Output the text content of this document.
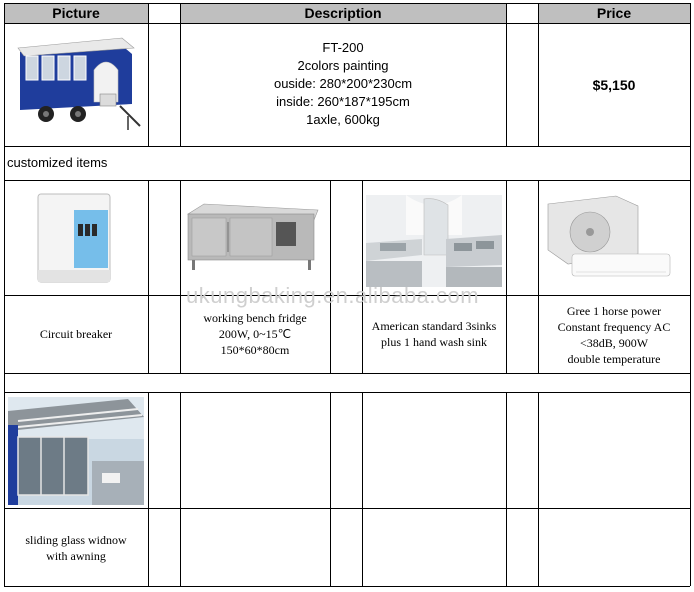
Picture	Description	Price
FT-200
2colors painting
ouside: 280*200*230cm
inside: 260*187*195cm
1axle, 600kg
$5,150
customized items
Circuit breaker
working bench fridge
200W, 0~15℃
150*60*80cm
American standard 3sinks
plus 1 hand wash sink
Gree 1 horse power
Constant frequency AC
<38dB, 900W
double temperature
ukungbaking.en.alibaba.com
sliding glass widnow
with awning
